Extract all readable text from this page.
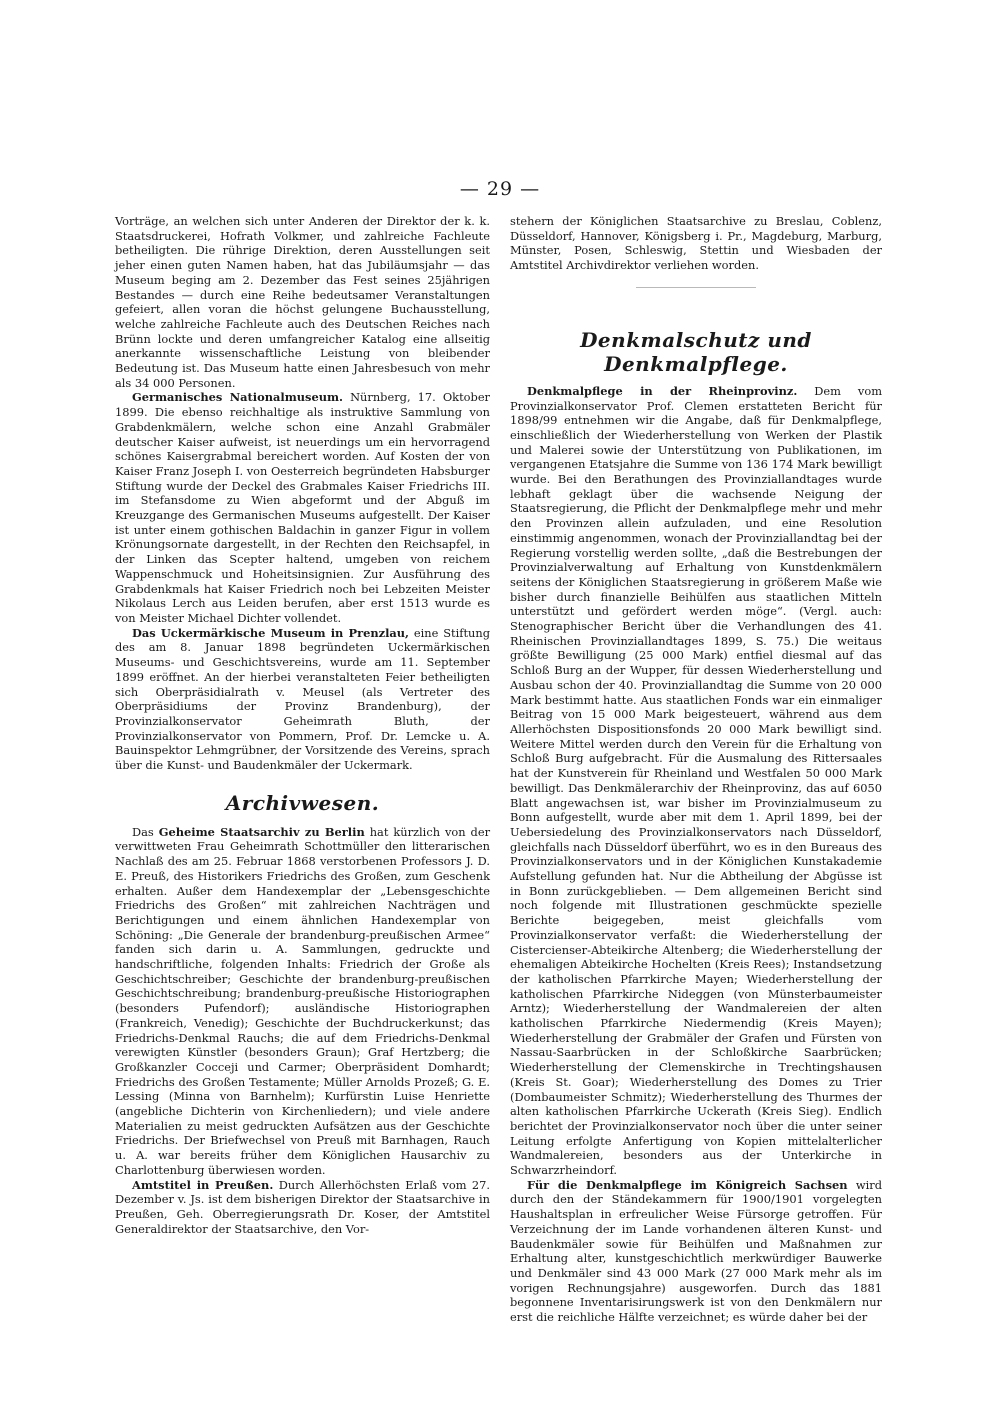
— 29 —

Vorträge, an welchen sich unter Anderen der Direktor der k. k. Staatsdruckerei, Hofrath Volkmer, und zahlreiche Fachleute betheiligten. Die rührige Direktion, deren Ausstellungen seit jeher einen guten Namen haben, hat das Jubiläumsjahr — das Museum beging am 2. Dezember das Fest seines 25jährigen Bestandes — durch eine Reihe bedeutsamer Veranstaltungen gefeiert, allen voran die höchst gelungene Buchausstellung, welche zahlreiche Fachleute auch des Deutschen Reiches nach Brünn lockte und deren umfangreicher Katalog eine allseitig anerkannte wissenschaftliche Leistung von bleibender Bedeutung ist. Das Museum hatte einen Jahresbesuch von mehr als 34 000 Personen.

Germanisches Nationalmuseum. Nürnberg, 17. Oktober 1899. Die ebenso reichhaltige als instruktive Sammlung von Grabdenkmälern, welche schon eine Anzahl Grabmäler deutscher Kaiser aufweist, ist neuerdings um ein hervorragend schönes Kaisergrabmal bereichert worden. Auf Kosten der von Kaiser Franz Joseph I. von Oesterreich begründeten Habsburger Stiftung wurde der Deckel des Grabmales Kaiser Friedrichs III. im Stefansdome zu Wien abgeformt und der Abguß im Kreuzgange des Germanischen Museums aufgestellt. Der Kaiser ist unter einem gothischen Baldachin in ganzer Figur in vollem Krönungsornate dargestellt, in der Rechten den Reichsapfel, in der Linken das Scepter haltend, umgeben von reichem Wappenschmuck und Hoheitsinsignien. Zur Ausführung des Grabdenkmals hat Kaiser Friedrich noch bei Lebzeiten Meister Nikolaus Lerch aus Leiden berufen, aber erst 1513 wurde es von Meister Michael Dichter vollendet.

Das Uckermärkische Museum in Prenzlau, eine Stiftung des am 8. Januar 1898 begründeten Uckermärkischen Museums- und Geschichtsvereins, wurde am 11. September 1899 eröffnet. An der hierbei veranstalteten Feier betheiligten sich Oberpräsidialrath v. Meusel (als Vertreter des Oberpräsidiums der Provinz Brandenburg), der Provinzialkonservator Geheimrath Bluth, der Provinzialkonservator von Pommern, Prof. Dr. Lemcke u. A. Bauinspektor Lehmgrübner, der Vorsitzende des Vereins, sprach über die Kunst- und Baudenkmäler der Uckermark.

Archivwesen.

Das Geheime Staatsarchiv zu Berlin hat kürzlich von der verwittweten Frau Geheimrath Schottmüller den litterarischen Nachlaß des am 25. Februar 1868 verstorbenen Professors J. D. E. Preuß, des Historikers Friedrichs des Großen, zum Geschenk erhalten. Außer dem Handexemplar der „Lebensgeschichte Friedrichs des Großen“ mit zahlreichen Nachträgen und Berichtigungen und einem ähnlichen Handexemplar von Schöning: „Die Generale der brandenburg-preußischen Armee“ fanden sich darin u. A. Sammlungen, gedruckte und handschriftliche, folgenden Inhalts: Friedrich der Große als Geschichtschreiber; Geschichte der brandenburg-preußischen Geschichtschreibung; brandenburg-preußische Historiographen (besonders Pufendorf); ausländische Historiographen (Frankreich, Venedig); Geschichte der Buchdruckerkunst; das Friedrichs-Denkmal Rauchs; die auf dem Friedrichs-Denkmal verewigten Künstler (besonders Graun); Graf Hertzberg; die Großkanzler Cocceji und Carmer; Oberpräsident Domhardt; Friedrichs des Großen Testamente; Müller Arnolds Prozeß; G. E. Lessing (Minna von Barnhelm); Kurfürstin Luise Henriette (angebliche Dichterin von Kirchenliedern); und viele andere Materialien zu meist gedruckten Aufsätzen aus der Geschichte Friedrichs. Der Briefwechsel von Preuß mit Barnhagen, Rauch u. A. war bereits früher dem Königlichen Hausarchiv zu Charlottenburg überwiesen worden.

Amtstitel in Preußen. Durch Allerhöchsten Erlaß vom 27. Dezember v. Js. ist dem bisherigen Direktor der Staatsarchive in Preußen, Geh. Oberregierungsrath Dr. Koser, der Amtstitel Generaldirektor der Staatsarchive, den Vor-

stehern der Königlichen Staatsarchive zu Breslau, Coblenz, Düsseldorf, Hannover, Königsberg i. Pr., Magdeburg, Marburg, Münster, Posen, Schleswig, Stettin und Wiesbaden der Amtstitel Archivdirektor verliehen worden.

Denkmalschutz und Denkmalpflege.

Denkmalpflege in der Rheinprovinz. Dem vom Provinzialkonservator Prof. Clemen erstatteten Bericht für 1898/99 entnehmen wir die Angabe, daß für Denkmalpflege, einschließlich der Wiederherstellung von Werken der Plastik und Malerei sowie der Unterstützung von Publikationen, im vergangenen Etatsjahre die Summe von 136 174 Mark bewilligt wurde. Bei den Berathungen des Provinziallandtages wurde lebhaft geklagt über die wachsende Neigung der Staatsregierung, die Pflicht der Denkmalpflege mehr und mehr den Provinzen allein aufzuladen, und eine Resolution einstimmig angenommen, wonach der Provinziallandtag bei der Regierung vorstellig werden sollte, „daß die Bestrebungen der Provinzialverwaltung auf Erhaltung von Kunstdenkmälern seitens der Königlichen Staatsregierung in größerem Maße wie bisher durch finanzielle Beihülfen aus staatlichen Mitteln unterstützt und gefördert werden möge“. (Vergl. auch: Stenographischer Bericht über die Verhandlungen des 41. Rheinischen Provinziallandtages 1899, S. 75.) Die weitaus größte Bewilligung (25 000 Mark) entfiel diesmal auf das Schloß Burg an der Wupper, für dessen Wiederherstellung und Ausbau schon der 40. Provinziallandtag die Summe von 20 000 Mark bestimmt hatte. Aus staatlichen Fonds war ein einmaliger Beitrag von 15 000 Mark beigesteuert, während aus dem Allerhöchsten Dispositionsfonds 20 000 Mark bewilligt sind. Weitere Mittel werden durch den Verein für die Erhaltung von Schloß Burg aufgebracht. Für die Ausmalung des Rittersaales hat der Kunstverein für Rheinland und Westfalen 50 000 Mark bewilligt. Das Denkmälerarchiv der Rheinprovinz, das auf 6050 Blatt angewachsen ist, war bisher im Provinzialmuseum zu Bonn aufgestellt, wurde aber mit dem 1. April 1899, bei der Uebersiedelung des Provinzialkonservators nach Düsseldorf, gleichfalls nach Düsseldorf überführt, wo es in den Bureaus des Provinzialkonservators und in der Königlichen Kunstakademie Aufstellung gefunden hat. Nur die Abtheilung der Abgüsse ist in Bonn zurückgeblieben. — Dem allgemeinen Bericht sind noch folgende mit Illustrationen geschmückte spezielle Berichte beigegeben, meist gleichfalls vom Provinzialkonservator verfaßt: die Wiederherstellung der Cistercienser-Abteikirche Altenberg; die Wiederherstellung der ehemaligen Abteikirche Hochelten (Kreis Rees); Instandsetzung der katholischen Pfarrkirche Mayen; Wiederherstellung der katholischen Pfarrkirche Nideggen (von Münsterbaumeister Arntz); Wiederherstellung der Wandmalereien der alten katholischen Pfarrkirche Niedermendig (Kreis Mayen); Wiederherstellung der Grabmäler der Grafen und Fürsten von Nassau-Saarbrücken in der Schloßkirche Saarbrücken; Wiederherstellung der Clemenskirche in Trechtingshausen (Kreis St. Goar); Wiederherstellung des Domes zu Trier (Dombaumeister Schmitz); Wiederherstellung des Thurmes der alten katholischen Pfarrkirche Uckerath (Kreis Sieg). Endlich berichtet der Provinzialkonservator noch über die unter seiner Leitung erfolgte Anfertigung von Kopien mittelalterlicher Wandmalereien, besonders aus der Unterkirche in Schwarzrheindorf.

Für die Denkmalpflege im Königreich Sachsen wird durch den der Ständekammern für 1900/1901 vorgelegten Haushaltsplan in erfreulicher Weise Fürsorge getroffen. Für Verzeichnung der im Lande vorhandenen älteren Kunst- und Baudenkmäler sowie für Beihülfen und Maßnahmen zur Erhaltung alter, kunstgeschichtlich merkwürdiger Bauwerke und Denkmäler sind 43 000 Mark (27 000 Mark mehr als im vorigen Rechnungsjahre) ausgeworfen. Durch das 1881 begonnene Inventarisirungswerk ist von den Denkmälern nur erst die reichliche Hälfte verzeichnet; es würde daher bei der
